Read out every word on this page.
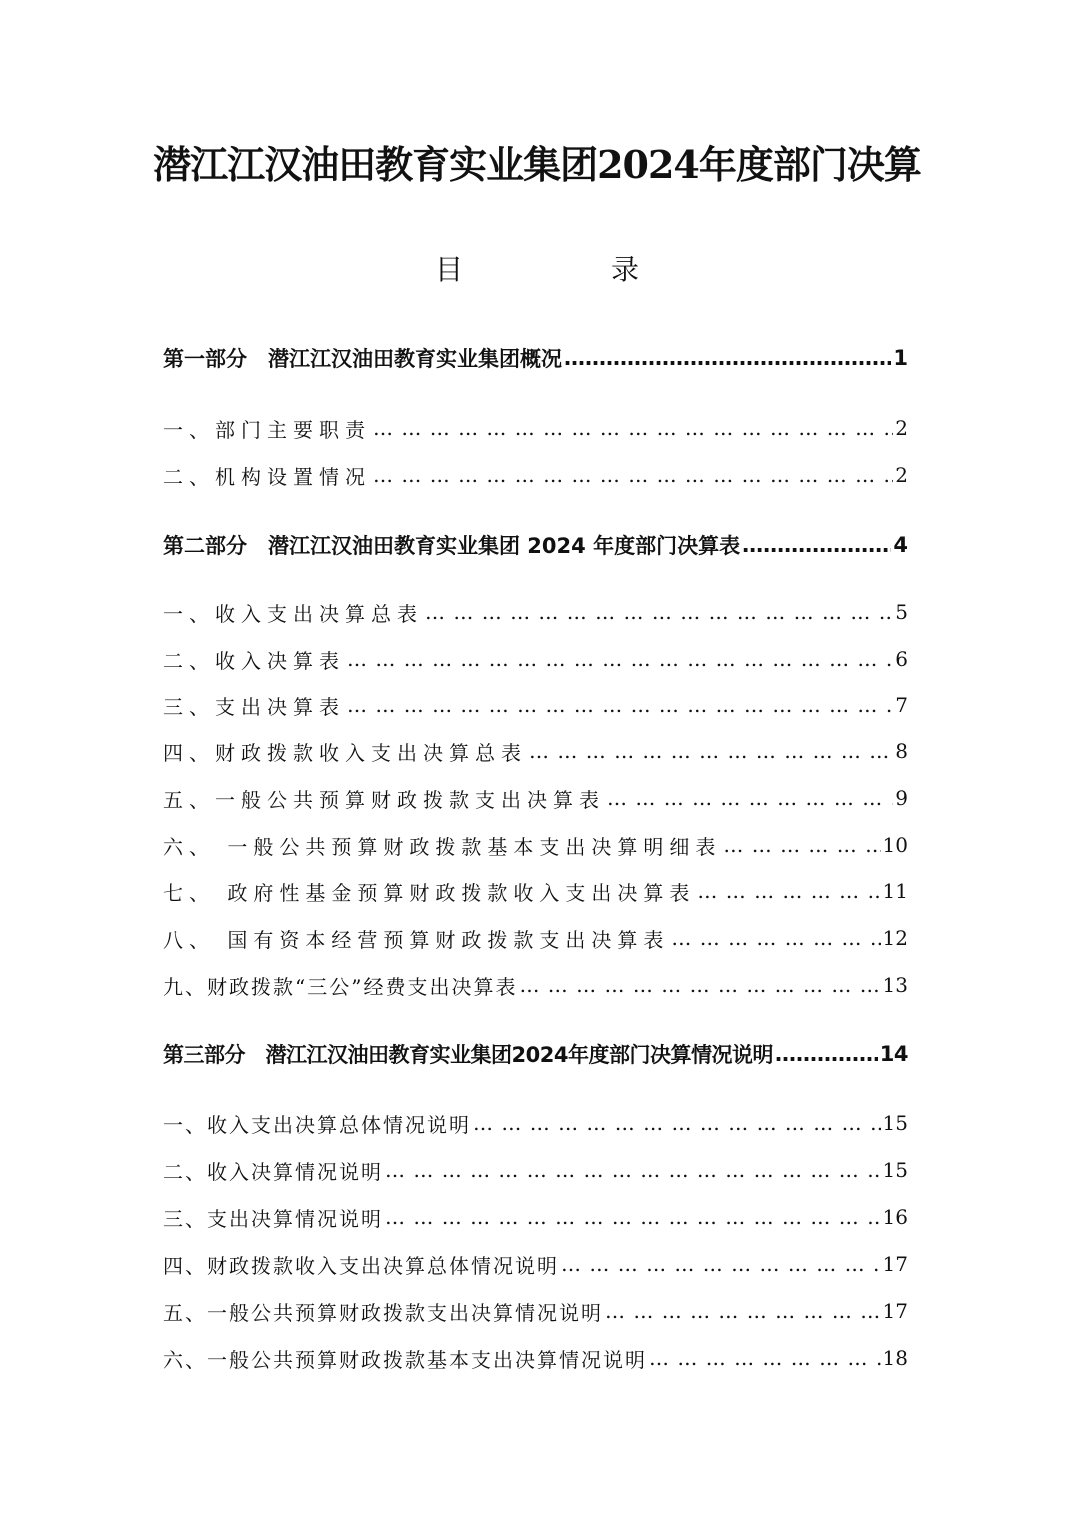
潜江江汉油田教育实业集团2024年度部门决算
目　录
第一部分　潜江江汉油田教育实业集团概况 ……………………………………………………………………………………………………………………	1
一、部门主要职责 … … … … … … … … … … … … … … … … … … … … … … … … … … … … … … … … … … … … … … … …	2
二、机构设置情况 … … … … … … … … … … … … … … … … … … … … … … … … … … … … … … … … … … … … … … … …	2
第二部分　潜江江汉油田教育实业集团 2024 年度部门决算表 ……………………………………………………………………………………………………………………	4
一、收入支出决算总表 … … … … … … … … … … … … … … … … … … … … … … … … … … … … … … … … … … … … … … … …	5
二、收入决算表 … … … … … … … … … … … … … … … … … … … … … … … … … … … … … … … … … … … … … … … …	6
三、支出决算表 … … … … … … … … … … … … … … … … … … … … … … … … … … … … … … … … … … … … … … … …	7
四、财政拨款收入支出决算总表 … … … … … … … … … … … … … … … … … … … … … … … … … … … … … … … … … … … … … … … …	8
五、一般公共预算财政拨款支出决算表 … … … … … … … … … … … … … … … … … … … … … … … … … … … … … … … … … … … … … … … …	9
六、 一般公共预算财政拨款基本支出决算明细表 … … … … … … … … … … … … … … … … … … … … … … … … … … … … … … … … … … … … … … … …	10
七、 政府性基金预算财政拨款收入支出决算表 … … … … … … … … … … … … … … … … … … … … … … … … … … … … … … … … … … … … … … … …	11
八、 国有资本经营预算财政拨款支出决算表 … … … … … … … … … … … … … … … … … … … … … … … … … … … … … … … … … … … … … … … …	12
九、财政拨款“三公”经费支出决算表 … … … … … … … … … … … … … … … … … … … … … … … … … … … … … … … … … … … … … … … …	13
第三部分　潜江江汉油田教育实业集团2024年度部门决算情况说明 ……………………………………………………………………………………………………………………	14
一、收入支出决算总体情况说明 … … … … … … … … … … … … … … … … … … … … … … … … … … … … … … … … … … … … … … … …	15
二、收入决算情况说明 … … … … … … … … … … … … … … … … … … … … … … … … … … … … … … … … … … … … … … … …	15
三、支出决算情况说明 … … … … … … … … … … … … … … … … … … … … … … … … … … … … … … … … … … … … … … … …	16
四、财政拨款收入支出决算总体情况说明 … … … … … … … … … … … … … … … … … … … … … … … … … … … … … … … … … … … … … … … …	17
五、一般公共预算财政拨款支出决算情况说明 … … … … … … … … … … … … … … … … … … … … … … … … … … … … … … … … … … … … … … … …	17
六、一般公共预算财政拨款基本支出决算情况说明 … … … … … … … … … … … … … … … … … … … … … … … … … … … … … … … … … … … … … … … …	18
